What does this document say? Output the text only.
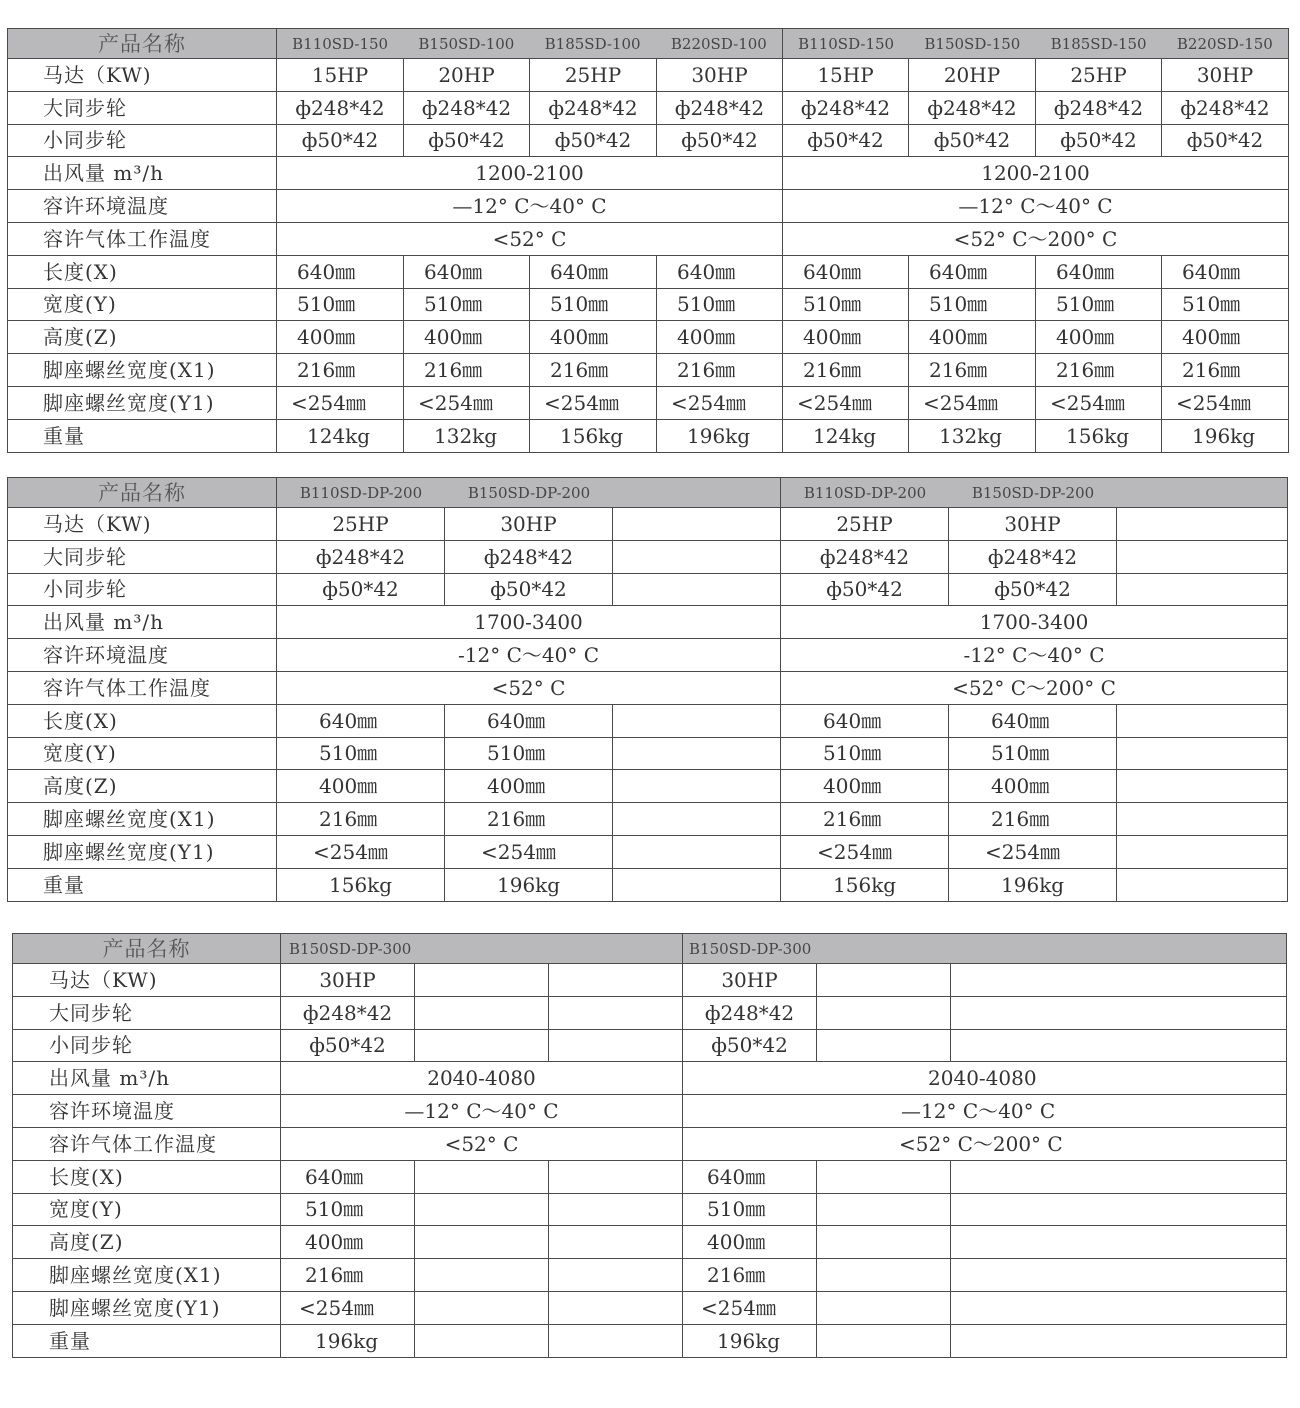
产品名称	B110SD-150 B150SD-100 B185SD-100 B220SD-100				B110SD-150 B150SD-150 B185SD-150 B220SD-150			

马达（KW)	15HP	20HP	25HP	30HP	15HP	20HP	25HP	30HP
大同步轮	ф248*42	ф248*42	ф248*42	ф248*42	ф248*42	ф248*42	ф248*42	ф248*42
小同步轮	ф50*42	ф50*42	ф50*42	ф50*42	ф50*42	ф50*42	ф50*42	ф50*42
出风量 m³/h	1200-2100				1200-2100			
容许环境温度	—12° C～40° C				—12° C～40° C			
容许气体工作温度	<52° C				<52° C～200° C			
长度(X)	640㎜	640㎜	640㎜	640㎜	640㎜	640㎜	640㎜	640㎜
宽度(Y)	510㎜	510㎜	510㎜	510㎜	510㎜	510㎜	510㎜	510㎜
高度(Z)	400㎜	400㎜	400㎜	400㎜	400㎜	400㎜	400㎜	400㎜
脚座螺丝宽度(X1)	216㎜	216㎜	216㎜	216㎜	216㎜	216㎜	216㎜	216㎜
脚座螺丝宽度(Y1)	<254㎜	<254㎜	<254㎜	<254㎜	<254㎜	<254㎜	<254㎜	<254㎜
重量	124kg	132kg	156kg	196kg	124kg	132kg	156kg	196kg
产品名称	B110SD-DP-200 B150SD-DP-200			B110SD-DP-200 B150SD-DP-200		
马达（KW)	25HP	30HP		25HP	30HP	
大同步轮	ф248*42	ф248*42		ф248*42	ф248*42	
小同步轮	ф50*42	ф50*42		ф50*42	ф50*42	
出风量 m³/h	1700-3400			1700-3400		
容许环境温度	-12° C～40° C			-12° C～40° C		
容许气体工作温度	<52° C			<52° C～200° C		
长度(X)	640㎜	640㎜		640㎜	640㎜	
宽度(Y)	510㎜	510㎜		510㎜	510㎜	
高度(Z)	400㎜	400㎜		400㎜	400㎜	
脚座螺丝宽度(X1)	216㎜	216㎜		216㎜	216㎜	
脚座螺丝宽度(Y1)	<254㎜	<254㎜		<254㎜	<254㎜	
重量	156kg	196kg		156kg	196kg	
产品名称	B150SD-DP-300			B150SD-DP-300		
马达（KW)	30HP			30HP		
大同步轮	ф248*42			ф248*42		
小同步轮	ф50*42			ф50*42		
出风量 m³/h	2040-4080			2040-4080		
容许环境温度	—12° C～40° C			—12° C～40° C		
容许气体工作温度	<52° C			<52° C～200° C		
长度(X)	640㎜			640㎜		
宽度(Y)	510㎜			510㎜		
高度(Z)	400㎜			400㎜		
脚座螺丝宽度(X1)	216㎜			216㎜		
脚座螺丝宽度(Y1)	<254㎜			<254㎜		
重量	196kg			196kg		
